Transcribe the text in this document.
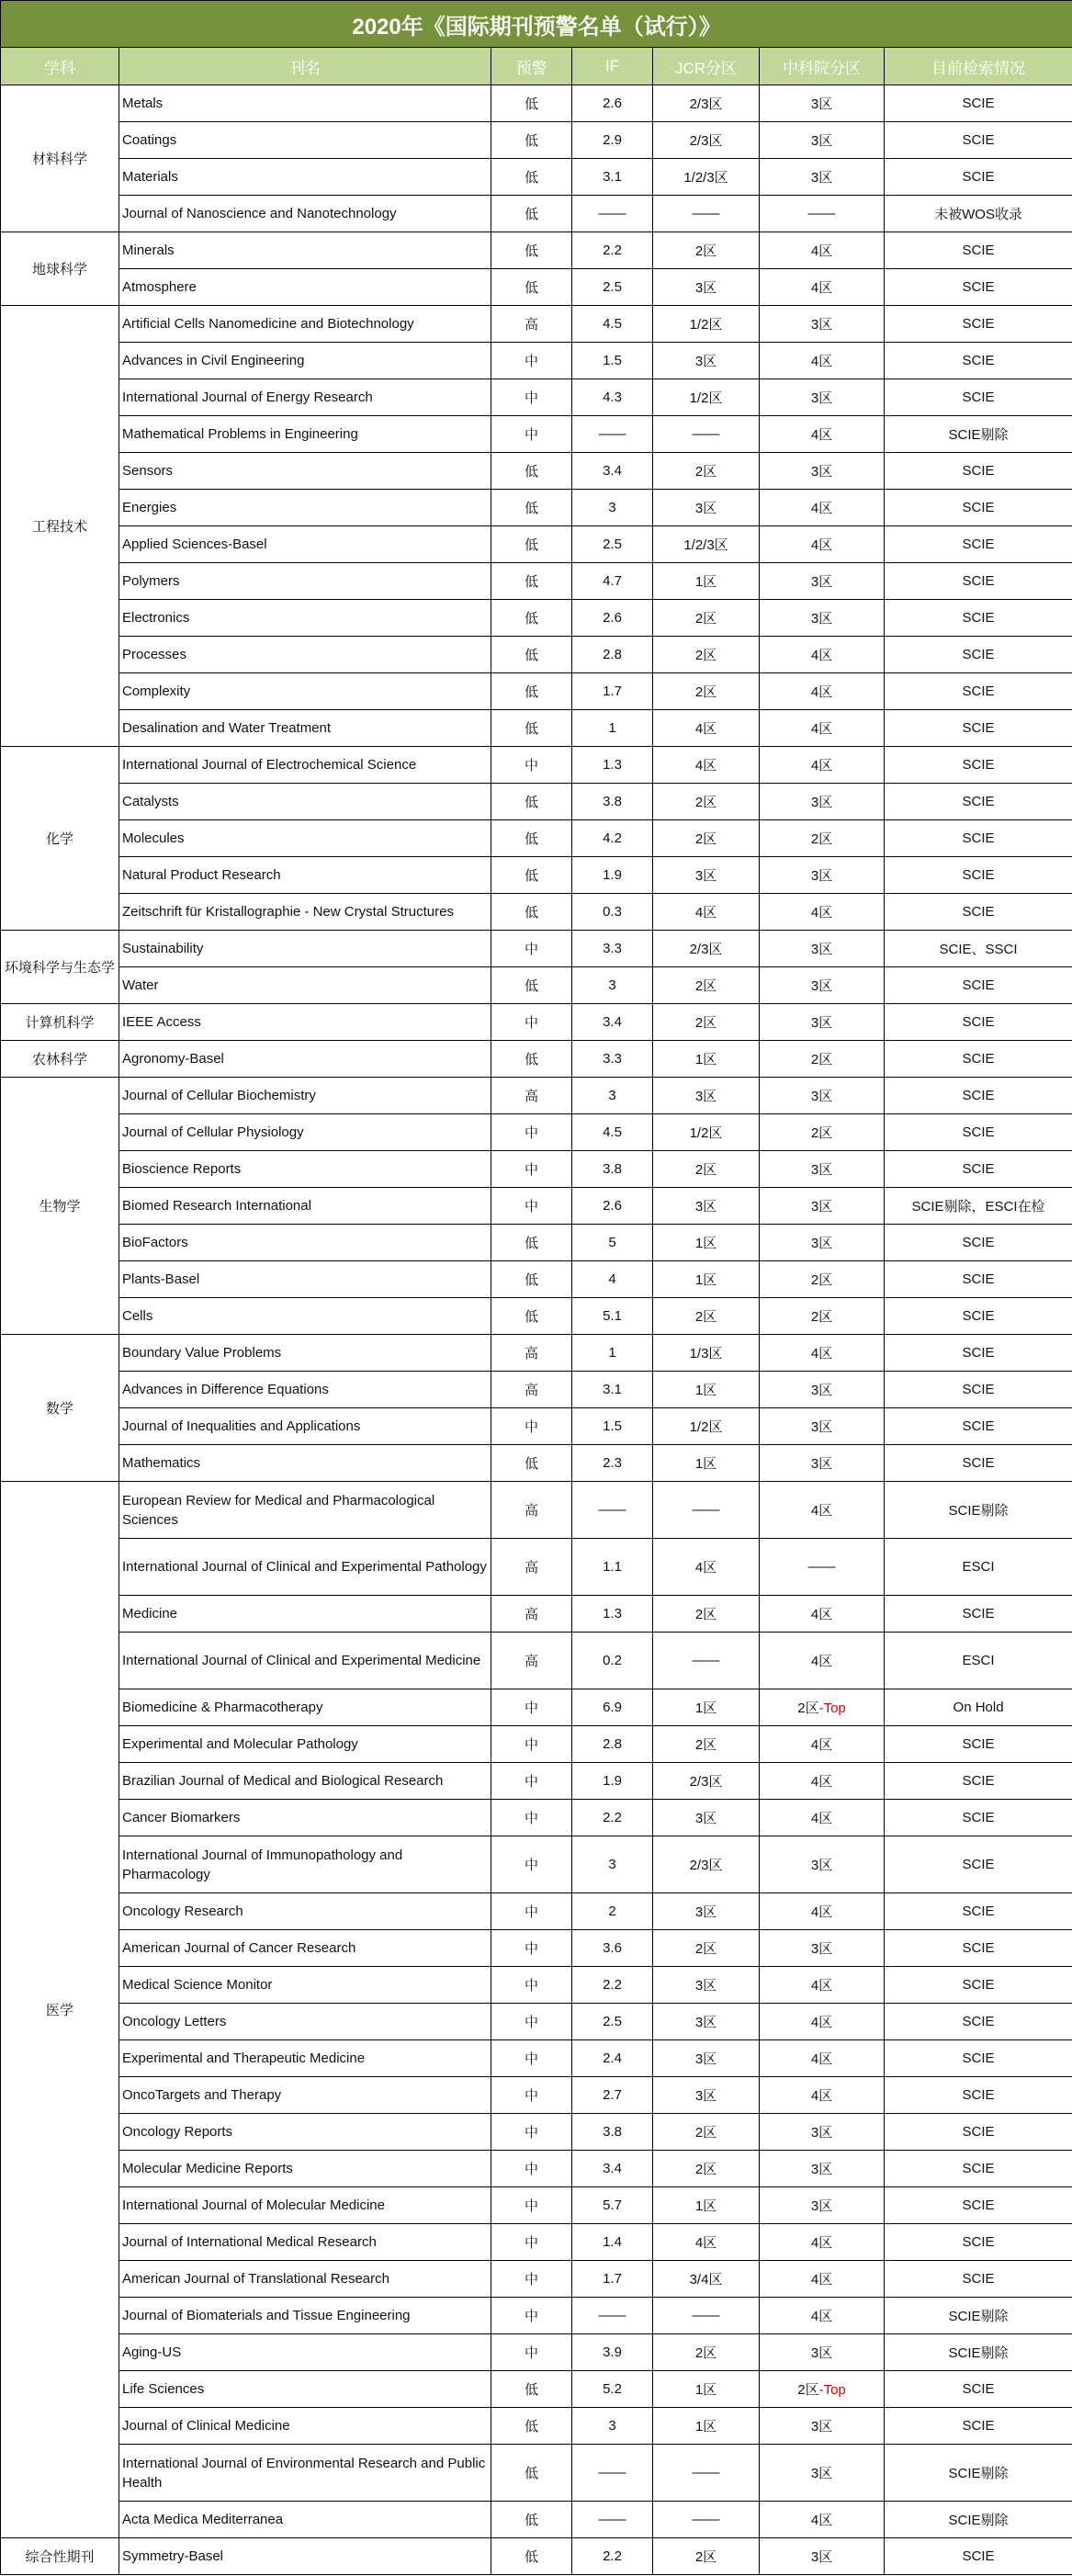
2020年《国际期刊预警名单（试行）》						
学科	刊名	预警	IF	JCR分区	中科院分区	目前检索情况
材料科学	Metals	低	2.6	2/3区	3区	SCIE
	Coatings	低	2.9	2/3区	3区	SCIE
	Materials	低	3.1	1/2/3区	3区	SCIE
	Journal of Nanoscience and Nanotechnology	低	——	——	——	未被WOS收录
地球科学	Minerals	低	2.2	2区	4区	SCIE
	Atmosphere	低	2.5	3区	4区	SCIE
工程技术	Artificial Cells Nanomedicine and Biotechnology	高	4.5	1/2区	3区	SCIE
	Advances in Civil Engineering	中	1.5	3区	4区	SCIE
	International Journal of Energy Research	中	4.3	1/2区	3区	SCIE
	Mathematical Problems in Engineering	中	——	——	4区	SCIE剔除
	Sensors	低	3.4	2区	3区	SCIE
	Energies	低	3	3区	4区	SCIE
	Applied Sciences-Basel	低	2.5	1/2/3区	4区	SCIE
	Polymers	低	4.7	1区	3区	SCIE
	Electronics	低	2.6	2区	3区	SCIE
	Processes	低	2.8	2区	4区	SCIE
	Complexity	低	1.7	2区	4区	SCIE
	Desalination and Water Treatment	低	1	4区	4区	SCIE
化学	International Journal of Electrochemical Science	中	1.3	4区	4区	SCIE
	Catalysts	低	3.8	2区	3区	SCIE
	Molecules	低	4.2	2区	2区	SCIE
	Natural Product Research	低	1.9	3区	3区	SCIE
	Zeitschrift für Kristallographie - New Crystal Structures	低	0.3	4区	4区	SCIE
环境科学与生态学	Sustainability	中	3.3	2/3区	3区	SCIE、SSCI
	Water	低	3	2区	3区	SCIE
计算机科学	IEEE Access	中	3.4	2区	3区	SCIE
农林科学	Agronomy-Basel	低	3.3	1区	2区	SCIE
生物学	Journal of Cellular Biochemistry	高	3	3区	3区	SCIE
	Journal of Cellular Physiology	中	4.5	1/2区	2区	SCIE
	Bioscience Reports	中	3.8	2区	3区	SCIE
	Biomed Research International	中	2.6	3区	3区	SCIE剔除，ESCI在检
	BioFactors	低	5	1区	3区	SCIE
	Plants-Basel	低	4	1区	2区	SCIE
	Cells	低	5.1	2区	2区	SCIE
数学	Boundary Value Problems	高	1	1/3区	4区	SCIE
	Advances in Difference Equations	高	3.1	1区	3区	SCIE
	Journal of Inequalities and Applications	中	1.5	1/2区	3区	SCIE
	Mathematics	低	2.3	1区	3区	SCIE
医学	European Review for Medical and Pharmacological Sciences	高	——	——	4区	SCIE剔除
	International Journal of Clinical and Experimental Pathology	高	1.1	4区	——	ESCI
	Medicine	高	1.3	2区	4区	SCIE
	International Journal of Clinical and Experimental Medicine	高	0.2	——	4区	ESCI
	Biomedicine & Pharmacotherapy	中	6.9	1区	2区-Top	On Hold
	Experimental and Molecular Pathology	中	2.8	2区	4区	SCIE
	Brazilian Journal of Medical and Biological Research	中	1.9	2/3区	4区	SCIE
	Cancer Biomarkers	中	2.2	3区	4区	SCIE
	International Journal of Immunopathology and Pharmacology	中	3	2/3区	3区	SCIE
	Oncology Research	中	2	3区	4区	SCIE
	American Journal of Cancer Research	中	3.6	2区	3区	SCIE
	Medical Science Monitor	中	2.2	3区	4区	SCIE
	Oncology Letters	中	2.5	3区	4区	SCIE
	Experimental and Therapeutic Medicine	中	2.4	3区	4区	SCIE
	OncoTargets and Therapy	中	2.7	3区	4区	SCIE
	Oncology Reports	中	3.8	2区	3区	SCIE
	Molecular Medicine Reports	中	3.4	2区	3区	SCIE
	International Journal of Molecular Medicine	中	5.7	1区	3区	SCIE
	Journal of International Medical Research	中	1.4	4区	4区	SCIE
	American Journal of Translational Research	中	1.7	3/4区	4区	SCIE
	Journal of Biomaterials and Tissue Engineering	中	——	——	4区	SCIE剔除
	Aging-US	中	3.9	2区	3区	SCIE剔除
	Life Sciences	低	5.2	1区	2区-Top	SCIE
	Journal of Clinical Medicine	低	3	1区	3区	SCIE
	International Journal of Environmental Research and Public Health	低	——	——	3区	SCIE剔除
	Acta Medica Mediterranea	低	——	——	4区	SCIE剔除
综合性期刊	Symmetry-Basel	低	2.2	2区	3区	SCIE
